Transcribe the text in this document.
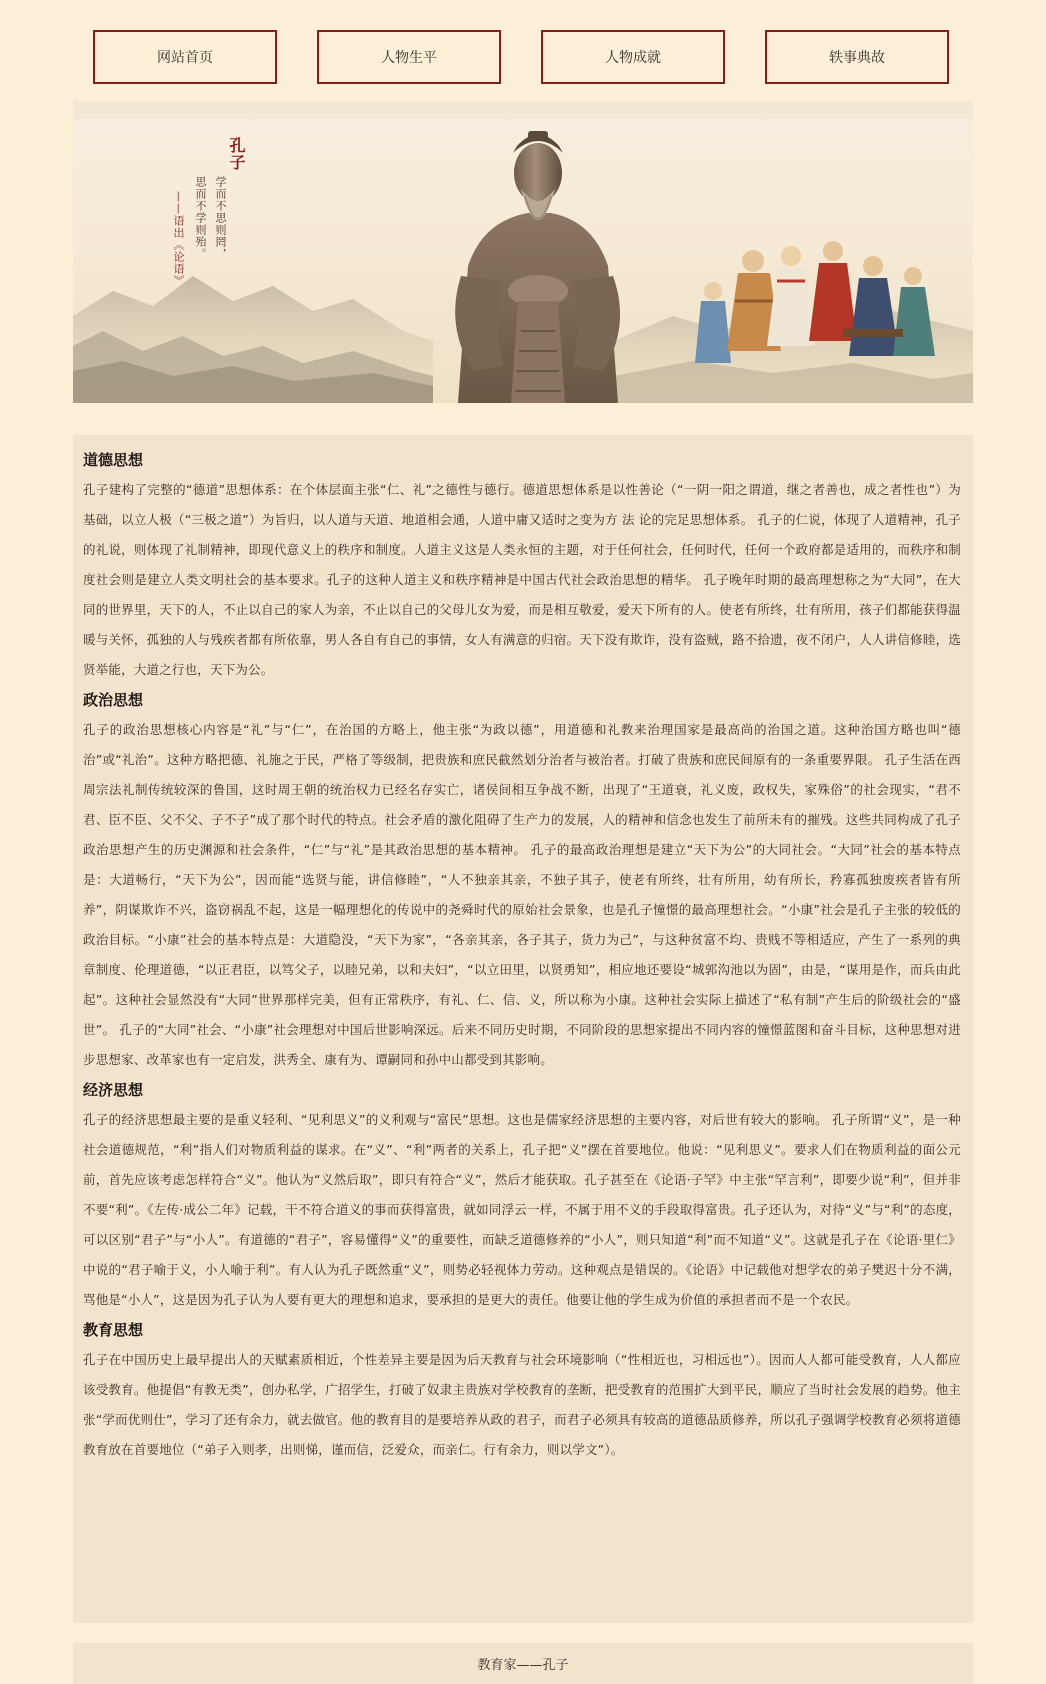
网站首页	人物生平	人物成就	轶事典故
孔子
学而不思则罔，
思而不学则殆。
——语出《论语》
道德思想

孔子建构了完整的“德道”思想体系：在个体层面主张“仁、礼”之德性与德行。德道思想体系是以性善论（“一阴一阳之谓道，继之者善也，成之者性也”）为基础，以立人极（“三极之道”）为旨归，以人道与天道、地道相会通，人道中庸又适时之变为方 法 论的完足思想体系。 孔子的仁说，体现了人道精神，孔子的礼说，则体现了礼制精神，即现代意义上的秩序和制度。人道主义这是人类永恒的主题，对于任何社会，任何时代，任何一个政府都是适用的，而秩序和制度社会则是建立人类文明社会的基本要求。孔子的这种人道主义和秩序精神是中国古代社会政治思想的精华。 孔子晚年时期的最高理想称之为“大同”，在大同的世界里，天下的人，不止以自己的家人为亲，不止以自己的父母儿女为爱，而是相互敬爱，爱天下所有的人。使老有所终，壮有所用，孩子们都能获得温暖与关怀，孤独的人与残疾者都有所依靠，男人各自有自己的事情，女人有满意的归宿。天下没有欺诈，没有盗贼，路不拾遗，夜不闭户，人人讲信修睦，选贤举能，大道之行也，天下为公。

政治思想

孔子的政治思想核心内容是“礼”与“仁”，在治国的方略上，他主张“为政以德”，用道德和礼教来治理国家是最高尚的治国之道。这种治国方略也叫“德治”或“礼治”。这种方略把德、礼施之于民，严格了等级制，把贵族和庶民截然划分治者与被治者。打破了贵族和庶民间原有的一条重要界限。 孔子生活在西周宗法礼制传统较深的鲁国，这时周王朝的统治权力已经名存实亡，诸侯间相互争战不断，出现了“王道衰，礼义废，政权失，家殊俗”的社会现实，“君不君、臣不臣、父不父、子不子”成了那个时代的特点。社会矛盾的激化阻碍了生产力的发展，人的精神和信念也发生了前所未有的摧残。这些共同构成了孔子政治思想产生的历史渊源和社会条件，“仁”与“礼”是其政治思想的基本精神。 孔子的最高政治理想是建立“天下为公”的大同社会。“大同”社会的基本特点是：大道畅行，“天下为公”，因而能“选贤与能，讲信修睦”，“人不独亲其亲，不独子其子，使老有所终，壮有所用，幼有所长，矜寡孤独废疾者皆有所养”，阴谋欺诈不兴，盗窃祸乱不起，这是一幅理想化的传说中的尧舜时代的原始社会景象，也是孔子憧憬的最高理想社会。“小康”社会是孔子主张的较低的政治目标。“小康”社会的基本特点是：大道隐没，“天下为家”，“各亲其亲，各子其子，货力为己”，与这种贫富不均、贵贱不等相适应，产生了一系列的典章制度、伦理道德，“以正君臣，以笃父子，以睦兄弟，以和夫妇”，“以立田里，以贤勇知”，相应地还要设“城郭沟池以为固”，由是，“谋用是作，而兵由此起”。这种社会显然没有“大同”世界那样完美，但有正常秩序，有礼、仁、信、义，所以称为小康。这种社会实际上描述了“私有制”产生后的阶级社会的“盛世”。 孔子的“大同”社会、“小康”社会理想对中国后世影响深远。后来不同历史时期，不同阶段的思想家提出不同内容的憧憬蓝图和奋斗目标，这种思想对进步思想家、改革家也有一定启发，洪秀全、康有为、谭嗣同和孙中山都受到其影响。

经济思想

孔子的经济思想最主要的是重义轻利、“见利思义”的义利观与“富民”思想。这也是儒家经济思想的主要内容，对后世有较大的影响。 孔子所谓“义”，是一种社会道德规范，“利”指人们对物质利益的谋求。在“义”、“利”两者的关系上，孔子把“义”摆在首要地位。他说：“见利思义”。要求人们在物质利益的面公元前，首先应该考虑怎样符合“义”。他认为“义然后取”，即只有符合“义”，然后才能获取。孔子甚至在《论语·子罕》中主张“罕言利”，即要少说“利”，但并非不要“利”。《左传·成公二年》记载，干不符合道义的事而获得富贵，就如同浮云一样，不属于用不义的手段取得富贵。孔子还认为，对待“义”与“利”的态度，可以区别“君子”与“小人”。有道德的“君子”，容易懂得“义”的重要性，而缺乏道德修养的“小人”，则只知道“利”而不知道“义”。这就是孔子在《论语·里仁》中说的“君子喻于义，小人喻于利”。有人认为孔子既然重“义”，则势必轻视体力劳动。这种观点是错误的。《论语》中记载他对想学农的弟子樊迟十分不满，骂他是“小人”，这是因为孔子认为人要有更大的理想和追求，要承担的是更大的责任。他要让他的学生成为价值的承担者而不是一个农民。

教育思想

孔子在中国历史上最早提出人的天赋素质相近，个性差异主要是因为后天教育与社会环境影响（“性相近也，习相远也”）。因而人人都可能受教育，人人都应该受教育。他提倡“有教无类”，创办私学，广招学生，打破了奴隶主贵族对学校教育的垄断，把受教育的范围扩大到平民，顺应了当时社会发展的趋势。他主张“学而优则仕”，学习了还有余力，就去做官。他的教育目的是要培养从政的君子，而君子必须具有较高的道德品质修养，所以孔子强调学校教育必须将道德教育放在首要地位（“弟子入则孝，出则悌，谨而信，泛爱众，而亲仁。行有余力，则以学文”）。

教育家——孔子
